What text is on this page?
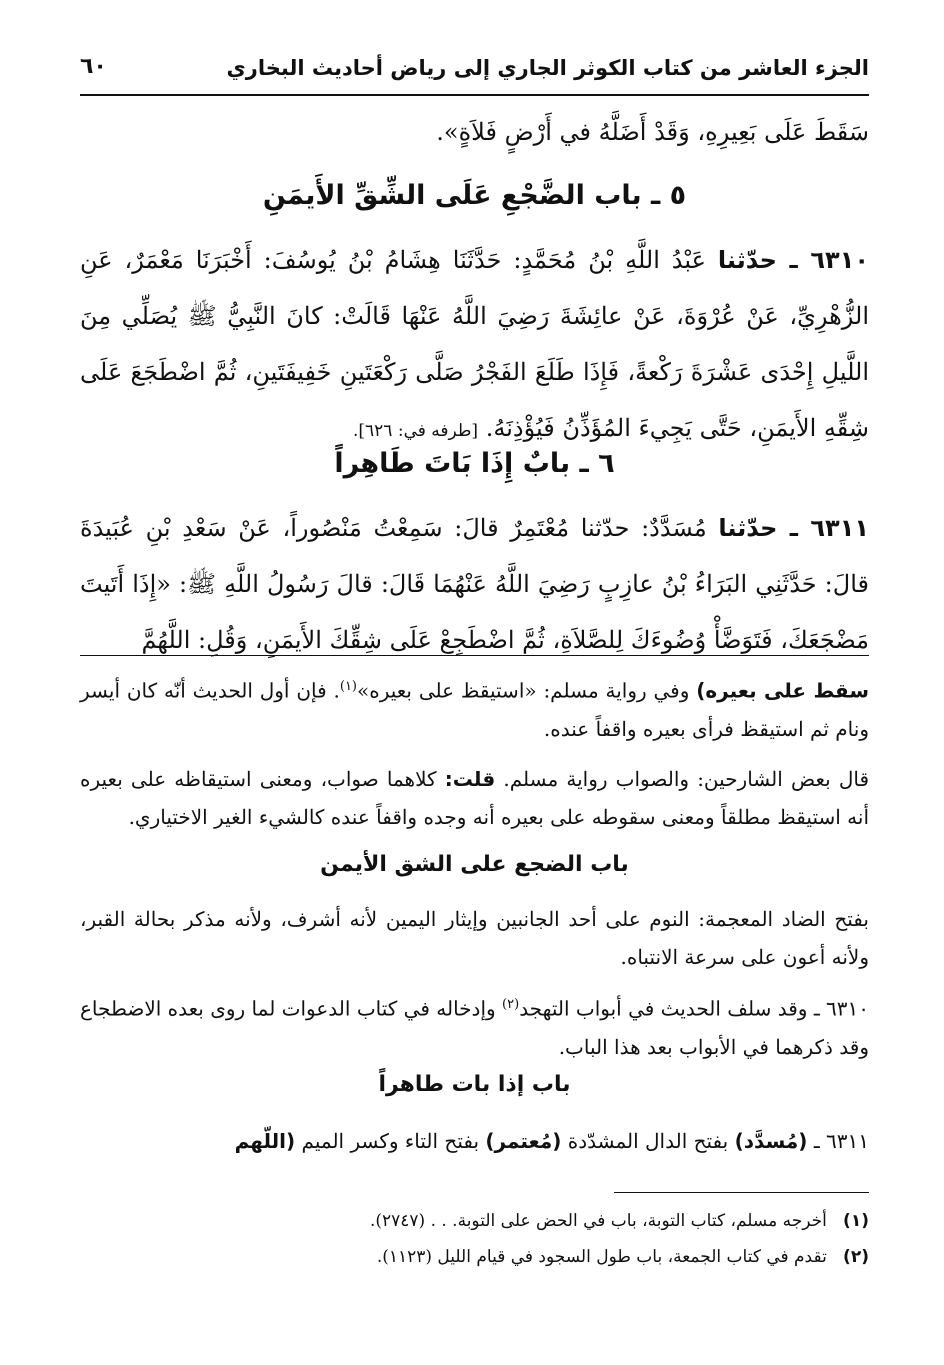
الجزء العاشر من كتاب الكوثر الجاري إلى رياض أحاديث البخاري
٦٠
سَقَطَ عَلَى بَعِيرِهِ، وَقَدْ أَضَلَّهُ في أَرْضٍ فَلاَةٍ».
٥ ـ باب الضَّجْعِ عَلَى الشِّقِّ الأَيمَنِ
٦٣١٠ ـ حدّثنا عَبْدُ اللَّهِ بْنُ مُحَمَّدٍ: حَدَّثَنَا هِشَامُ بْنُ يُوسُفَ: أَخْبَرَنَا مَعْمَرٌ، عَنِ الزُّهْرِيِّ، عَنْ عُرْوَةَ، عَنْ عائِشَةَ رَضِيَ اللَّهُ عَنْهَا قَالَتْ: كانَ النَّبِيُّ ﷺ يُصَلِّي مِنَ اللَّيلِ إِحْدَى عَشْرَةَ رَكْعةً، فَإِذَا طَلَعَ الفَجْرُ صَلَّى رَكْعَتَينِ خَفِيفَتَينِ، ثُمَّ اضْطَجَعَ عَلَى شِقِّهِ الأَيمَنِ، حَتَّى يَجِيءَ المُؤَذِّنُ فَيُؤْذِنَهُ. [طرفه في: ٦٢٦].
٦ ـ بابٌ إِذَا بَاتَ طَاهِراً
٦٣١١ ـ حدّثنا مُسَدَّدٌ: حدّثنا مُعْتَمِرٌ قالَ: سَمِعْتُ مَنْصُوراً، عَنْ سَعْدِ بْنِ عُبَيدَةَ قالَ: حَدَّثَنِي البَرَاءُ بْنُ عازِبٍ رَضِيَ اللَّهُ عَنْهُمَا قَالَ: قالَ رَسُولُ اللَّهِ ﷺ: «إِذَا أَتَيتَ مَضْجَعَكَ، فَتَوَضَّأْ وُضُوءَكَ لِلصَّلاَةِ، ثُمَّ اضْطَجِعْ عَلَى شِقِّكَ الأَيمَنِ، وَقُلِ: اللَّهُمَّ
سقط على بعيره) وفي رواية مسلم: «استيقظ على بعيره»$^{(١)}$. فإن أول الحديث أنّه كان أيسر ونام ثم استيقظ فرأى بعيره واقفاً عنده.
قال بعض الشارحين: والصواب رواية مسلم. قلت: كلاهما صواب، ومعنى استيقاظه على بعيره أنه استيقظ مطلقاً ومعنى سقوطه على بعيره أنه وجده واقفاً عنده كالشيء الغير الاختياري.
باب الضجع على الشق الأيمن
بفتح الضاد المعجمة: النوم على أحد الجانبين وإيثار اليمين لأنه أشرف، ولأنه مذكر بحالة القبر، ولأنه أعون على سرعة الانتباه.
٦٣١٠ ـ وقد سلف الحديث في أبواب التهجد$^{(٢)}$ وإدخاله في كتاب الدعوات لما روى بعده الاضطجاع وقد ذكرهما في الأبواب بعد هذا الباب.
باب إذا بات طاهراً
٦٣١١ ـ (مُسدَّد) بفتح الدال المشدّدة (مُعتمر) بفتح التاء وكسر الميم (اللّهم
(١)   أخرجه مسلم، كتاب التوبة، باب في الحض على التوبة. . . (٢٧٤٧).
(٢)   تقدم في كتاب الجمعة، باب طول السجود في قيام الليل (١١٢٣).
